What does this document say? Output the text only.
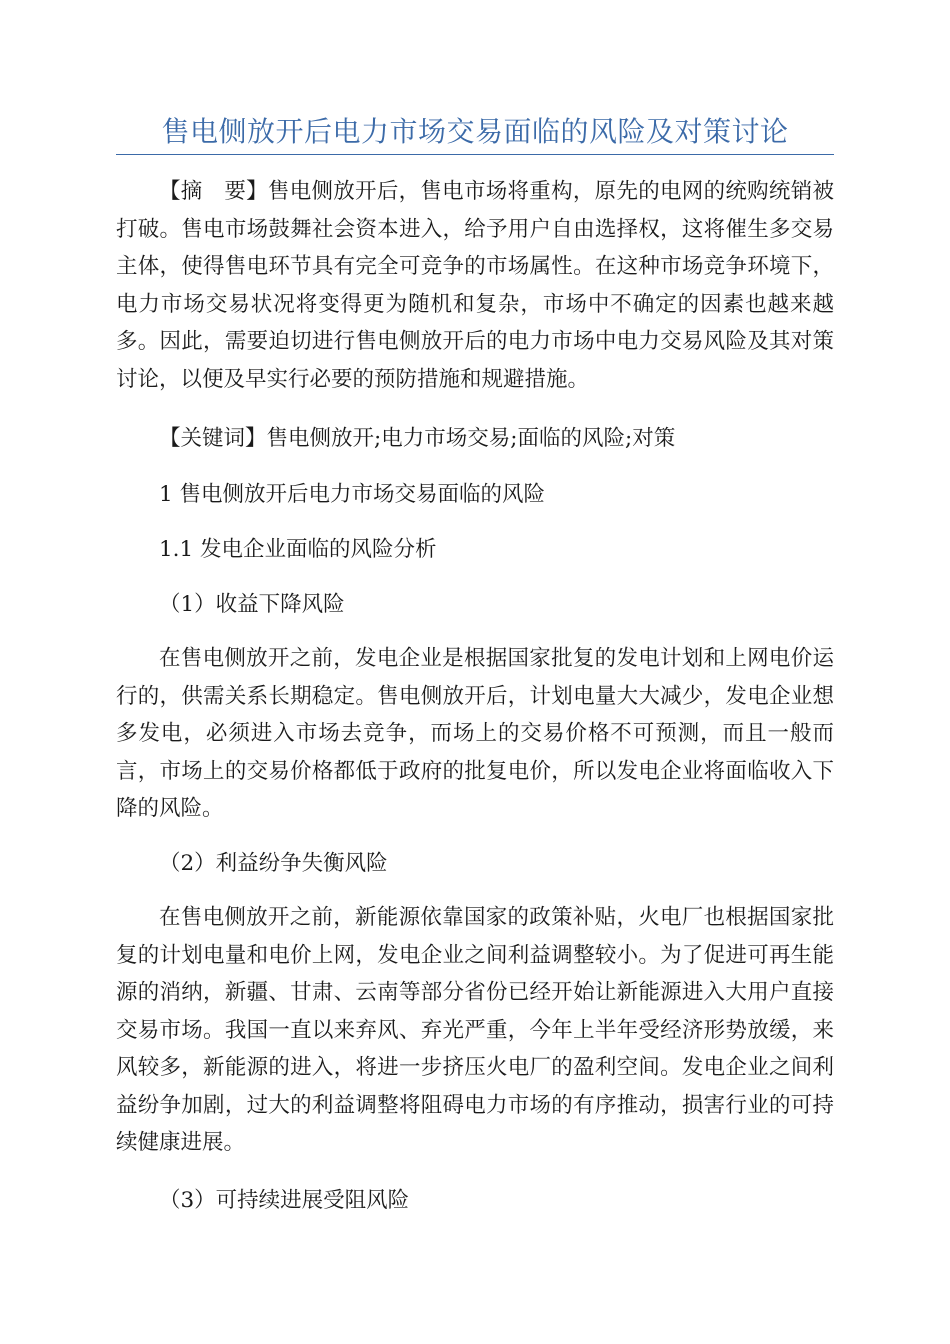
售电侧放开后电力市场交易面临的风险及对策讨论

【摘　要】售电侧放开后，售电市场将重构，原先的电网的统购统销被打破。售电市场鼓舞社会资本进入，给予用户自由选择权，这将催生多交易主体，使得售电环节具有完全可竞争的市场属性。在这种市场竞争环境下，电力市场交易状况将变得更为随机和复杂，市场中不确定的因素也越来越多。因此，需要迫切进行售电侧放开后的电力市场中电力交易风险及其对策讨论，以便及早实行必要的预防措施和规避措施。

【关键词】售电侧放开;电力市场交易;面临的风险;对策

1 售电侧放开后电力市场交易面临的风险

1.1 发电企业面临的风险分析

（1）收益下降风险

在售电侧放开之前，发电企业是根据国家批复的发电计划和上网电价运行的，供需关系长期稳定。售电侧放开后，计划电量大大减少，发电企业想多发电，必须进入市场去竞争，而场上的交易价格不可预测，而且一般而言，市场上的交易价格都低于政府的批复电价，所以发电企业将面临收入下降的风险。

（2）利益纷争失衡风险

在售电侧放开之前，新能源依靠国家的政策补贴，火电厂也根据国家批复的计划电量和电价上网，发电企业之间利益调整较小。为了促进可再生能源的消纳，新疆、甘肃、云南等部分省份已经开始让新能源进入大用户直接交易市场。我国一直以来弃风、弃光严重，今年上半年受经济形势放缓，来风较多，新能源的进入，将进一步挤压火电厂的盈利空间。发电企业之间利益纷争加剧，过大的利益调整将阻碍电力市场的有序推动，损害行业的可持续健康进展。

（3）可持续进展受阻风险
